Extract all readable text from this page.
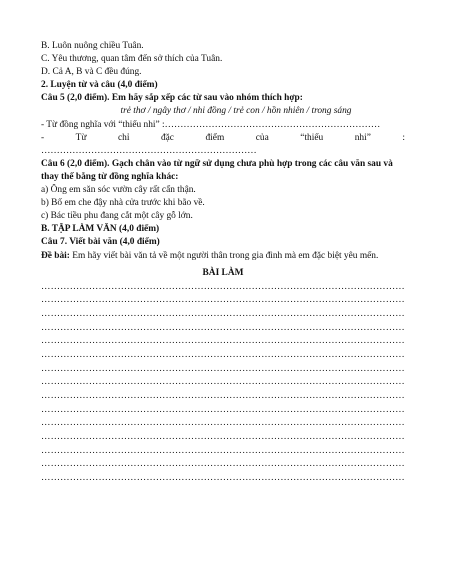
B. Luôn nuông chiều Tuân.
C. Yêu thương, quan tâm đến sở thích của Tuân.
D. Cả A, B và C đều đúng.
2. Luyện từ và câu (4,0 điểm)
Câu 5 (2,0 điểm). Em hãy sắp xếp các từ sau vào nhóm thích hợp:
trẻ thơ / ngây thơ / nhi đồng / trẻ con / hồn nhiên / trong sáng
- Từ đồng nghĩa với “thiếu nhi” :……………………………………………………………
-	Từ	chỉ	đặc	điểm	của	“thiếu	nhi”	:
……………………………………………………………
Câu 6 (2,0 điểm). Gạch chân vào từ ngữ sử dụng chưa phù hợp trong các câu văn sau và thay thế bằng từ đồng nghĩa khác:
a) Ông em săn sóc vườn cây rất cẩn thận.
b) Bố em che đậy nhà cửa trước khi bão về.
c) Bác tiều phu đang cắt một cây gỗ lớn.
B. TẬP LÀM VĂN (4,0 điểm)
Câu 7. Viết bài văn (4,0 điểm)
Đề bài: Em hãy viết bài văn tả về một người thân trong gia đình mà em đặc biệt yêu mến.
BÀI LÀM
……………………………………………………………………………………………………
……………………………………………………………………………………………………
……………………………………………………………………………………………………
……………………………………………………………………………………………………
……………………………………………………………………………………………………
……………………………………………………………………………………………………
……………………………………………………………………………………………………
……………………………………………………………………………………………………
……………………………………………………………………………………………………
……………………………………………………………………………………………………
……………………………………………………………………………………………………
……………………………………………………………………………………………………
……………………………………………………………………………………………………
……………………………………………………………………………………………………
……………………………………………………………………………………………………
